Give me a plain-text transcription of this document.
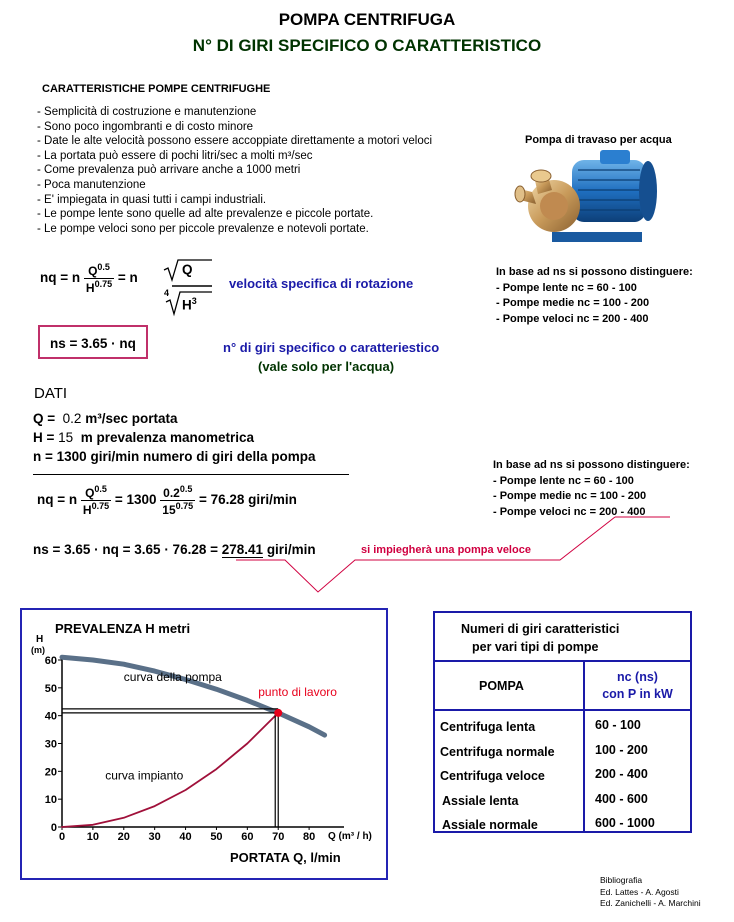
POMPA CENTRIFUGA
N° DI GIRI SPECIFICO O CARATTERISTICO
CARATTERISTICHE POMPE CENTRIFUGHE
- Semplicità di costruzione e manutenzione
- Sono poco ingombranti e di costo minore
- Date le alte velocità possono essere accoppiate direttamente a motori veloci
- La portata può essere di pochi litri/sec a molti m³/sec
- Come prevalenza può arrivare anche a 1000 metri
- Poca manutenzione
- E' impiegata in quasi tutti i campi industriali.
- Le pompe lente sono quelle ad alte prevalenze e piccole portate.
- Le pompe veloci sono per piccole prevalenze e notevoli portate.
Pompa di travaso per acqua
nq = n $\frac{Q^{0.5}}{H^{0.75}} = n$
Q
4
$H^3$
velocità specifica di rotazione
ns = 3.65 · nq	n° di giri specifico o caratteriestico
(vale solo per l'acqua)
In base ad ns si possono distinguere:
- Pompe lente nc = 60 - 100
- Pompe medie nc = 100 - 200
- Pompe veloci nc = 200 - 400
DATI
Q = 0.2 m³/sec portata
H = 15 m prevalenza manometrica
n = 1300 giri/min numero di giri della pompa
nq = n $\frac{Q^{0.5}}{H^{0.75}} = 1300 \frac{0.2^{0.5}}{15^{0.75}} = 76.28$ giri/min
In base ad ns si possono distinguere:
- Pompe lente nc = 60 - 100
- Pompe medie nc = 100 - 200
- Pompe veloci nc = 200 - 400
ns = 3.65 · nq = 3.65 · 76.28 = 278.41 giri/min	si impiegherà una pompa veloce
PREVALENZA H metri
H
(m)
Q (m³ / h)
PORTATA Q, l/min
0
10
20
30
40
50
60
0 10 20 30 40 50 60 70 80
curva della pompa
curva impianto
punto di lavoro
Numeri di giri caratteristici
per vari tipi di pompe
POMPA
nc (ns)
con P in kW
Centrifuga lenta
Centrifuga normale
Centrifuga veloce
Assiale lenta
Assiale normale
60 - 100
100 - 200
200 - 400
400 - 600
600 - 1000
Bibliografia
Ed. Lattes - A. Agosti
Ed. Zanichelli - A. Marchini
